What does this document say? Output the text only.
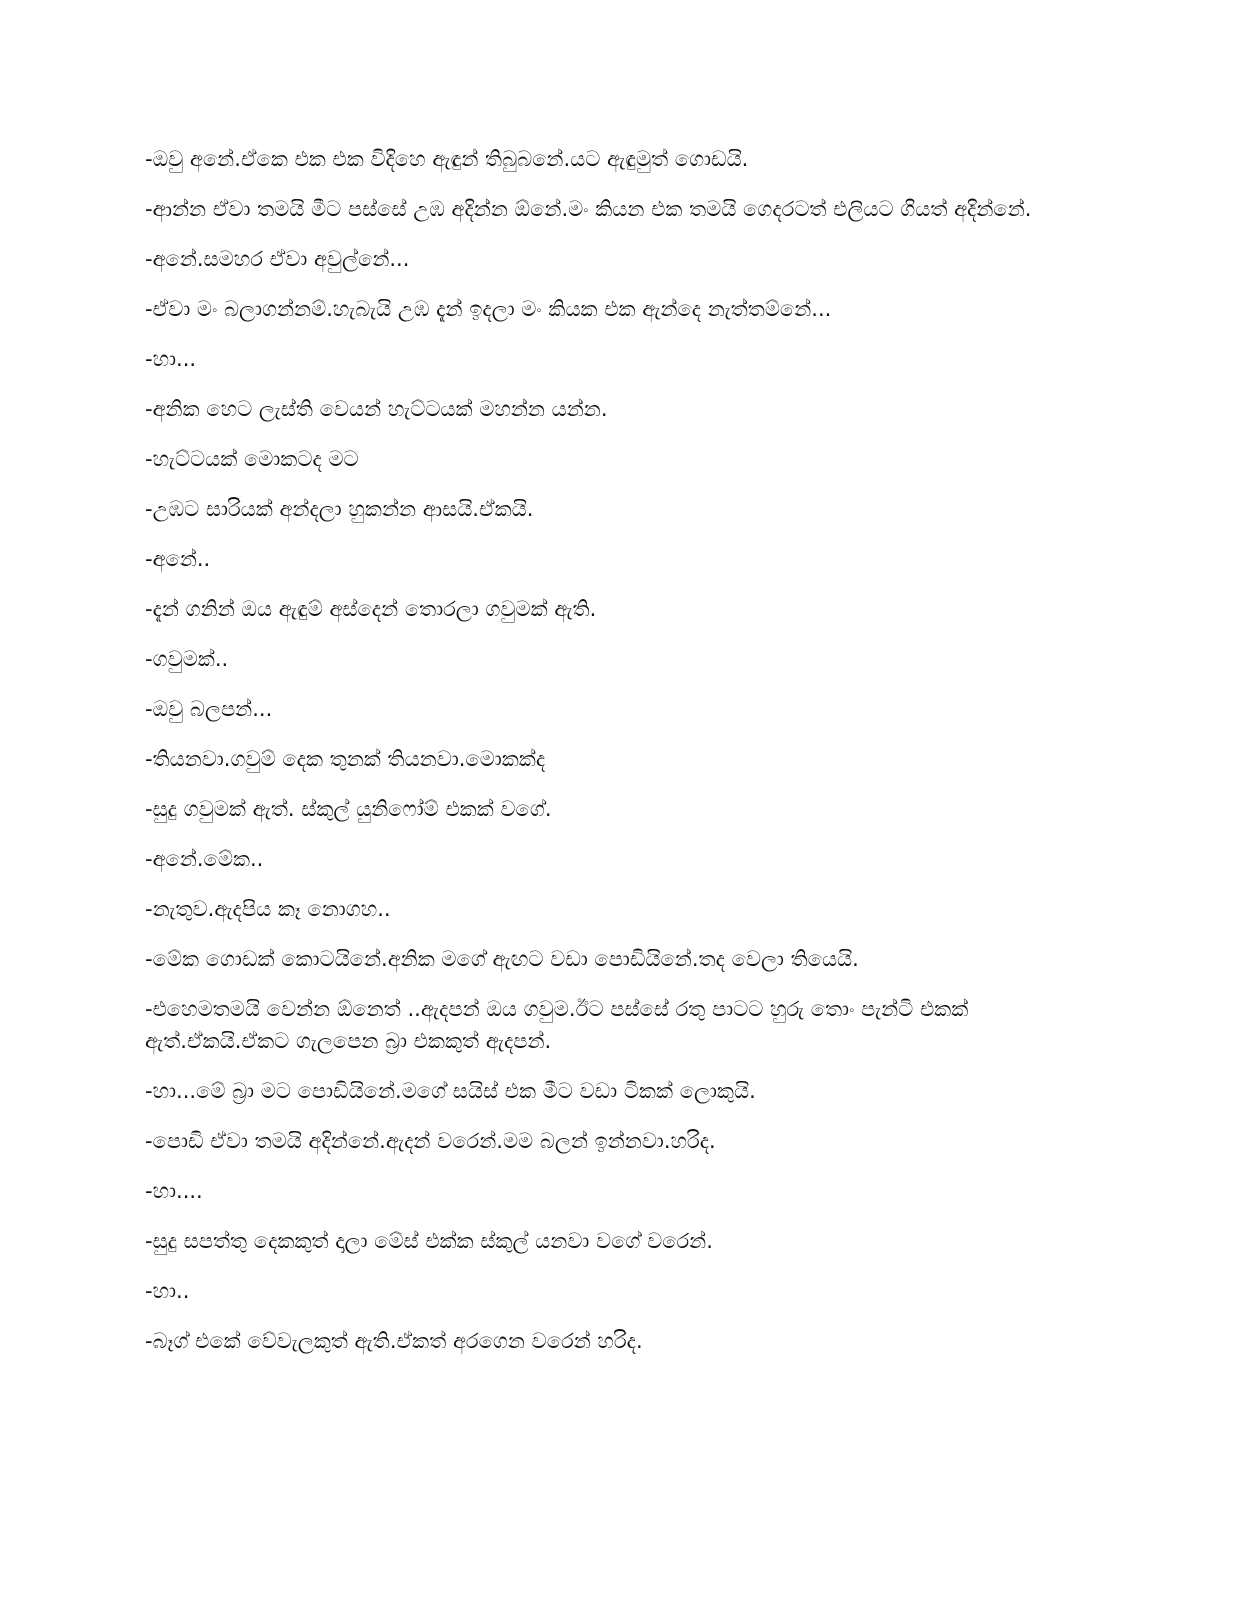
-ඔවු අනේ.ඒකෙ එක එක විදිහෙ ඇඳුන් තිබුබනේ.යට ඇඳුමුත් ගොඩයි.

-ආන්න ඒවා තමයි මීට පස්සේ උඹ අදින්න ඕනේ.මං කියන එක තමයි ගෙදරටත් එලියට ගියත් අදින්නේ.

-අනේ.සමහර ඒවා අවුල්නේ...

-ඒවා මං බලාගන්නම්.හැබැයි උඹ දැන් ඉදලා මං කියක එක ඇන්දෙ නැත්තම්නේ...

-හා...

-අනික හෙට ලැස්ති වෙයන් හැට්ටයක් මහන්න යන්න.

-හැට්ටයක් මොකටද මට

-උඹට සාරියක් අන්දලා හුකන්න ආසයි.ඒකයි.

-අනේ..

-දැන් ගනින් ඔය ඇඳුම් අස්දෙන් තොරලා ගවුමක් ඇති.

-ගවුමක්..

-ඔවු බලපන්...

-තියනවා.ගවුම් දෙක තුනක් තියනවා.මොකක්ද

-සුදු ගවුමක් ඇත්. ස්කුල් යුනිෆෝම් එකක් වගේ.

-අනේ.මේක..

-නැතුව.ඇදපිය කෑ නොගහ..

-මේක ගොඩක් කොටයිනේ.අනික මගේ ඇඟට වඩා පොඩියිනේ.තද වෙලා තියෙයි.

-එහෙමතමයි වෙන්න ඕනෙත් ..ඇදපන් ඔය ගවුම.ඊට පස්සේ රතු පාටට හුරු තොං පැන්ටි එකක් ඇත්.ඒකයි.ඒකට ගැලපෙන බ්‍රා එකකුත් ඇදපන්.

-හා...මේ බ්‍රා මට පොඩියිනේ.මගේ සයිස් එක මීට වඩා ටිකක් ලොකුයි.

-පොඩි ඒවා තමයි අදින්නේ.ඇදන් වරෙන්.මම බලන් ඉන්නවා.හරිද.

-හා....

-සුදු සපත්තු දෙකකුත් දාලා මේස් එක්ක ස්කුල් යනවා වගේ වරෙන්.

-හා..

-බෑග් එකේ වේවැලකුත් ඇති.ඒකත් අරගෙන වරෙන් හරිද.
